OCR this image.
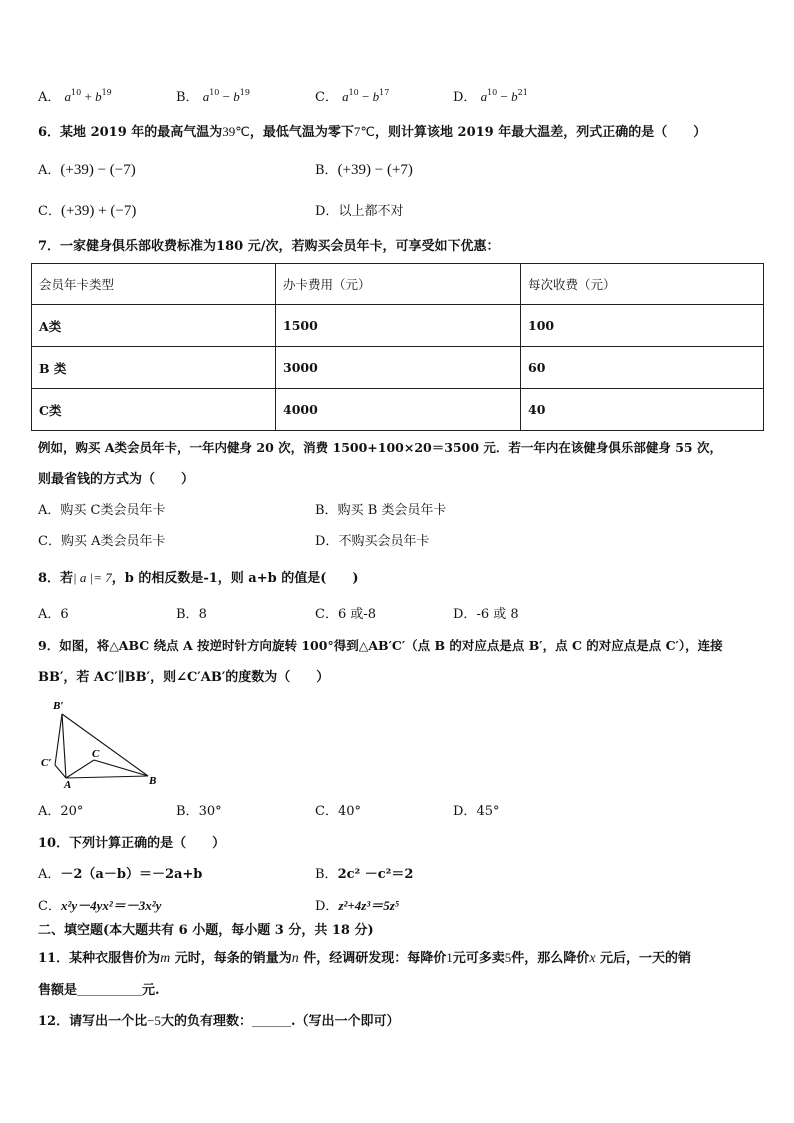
A． $a^{10} + b^{19}$	B． $a^{10} - b^{19}$	C． $a^{10} - b^{17}$	D． $a^{10} - b^{21}$
6．某地 2019 年的最高气温为39℃，最低气温为零下7℃，则计算该地 2019 年最大温差，列式正确的是（　　）
A．(+39) − (−7)	B．(+39) − (+7)
C．(+39) + (−7)	D．以上都不对
7．一家健身俱乐部收费标准为180 元/次，若购买会员年卡，可享受如下优惠：
会员年卡类型	办卡费用（元）	每次收费（元）
A类	1500	100
B 类	3000	60
C类	4000	40
例如，购买 A类会员年卡，一年内健身 20 次，消费 1500+100×20＝3500 元．若一年内在该健身俱乐部健身 55 次，
则最省钱的方式为（　　）
A．购买 C类会员年卡	B．购买 B 类会员年卡
C．购买 A类会员年卡	D．不购买会员年卡
8．若| a |= 7，b 的相反数是-1，则 a+b 的值是(　　)
A．6	B．8	C．6 或-8	D．-6 或 8
9．如图，将△ABC 绕点 A 按逆时针方向旋转 100°得到△AB′C′（点 B 的对应点是点 B′，点 C 的对应点是点 C′），连接
BB′，若 AC′∥BB′，则∠C′AB′的度数为（　　）
B′
C′
A
C
B
A．20°	B．30°	C．40°	D．45°
10．下列计算正确的是（　　）
A．－2（a－b）＝－2a+b	B．2c² －c²＝2
C．x²y－4yx²＝－3x²y	D．z²+4z³＝5z⁵
二、填空题(本大题共有 6 小题，每小题 3 分，共 18 分)
11．某种衣服售价为m 元时，每条的销量为n 件，经调研发现：每降价1元可多卖5件，那么降价x 元后，一天的销
售额是＿＿＿＿＿元.
12．请写出一个比−5大的负有理数：＿＿＿.（写出一个即可）
